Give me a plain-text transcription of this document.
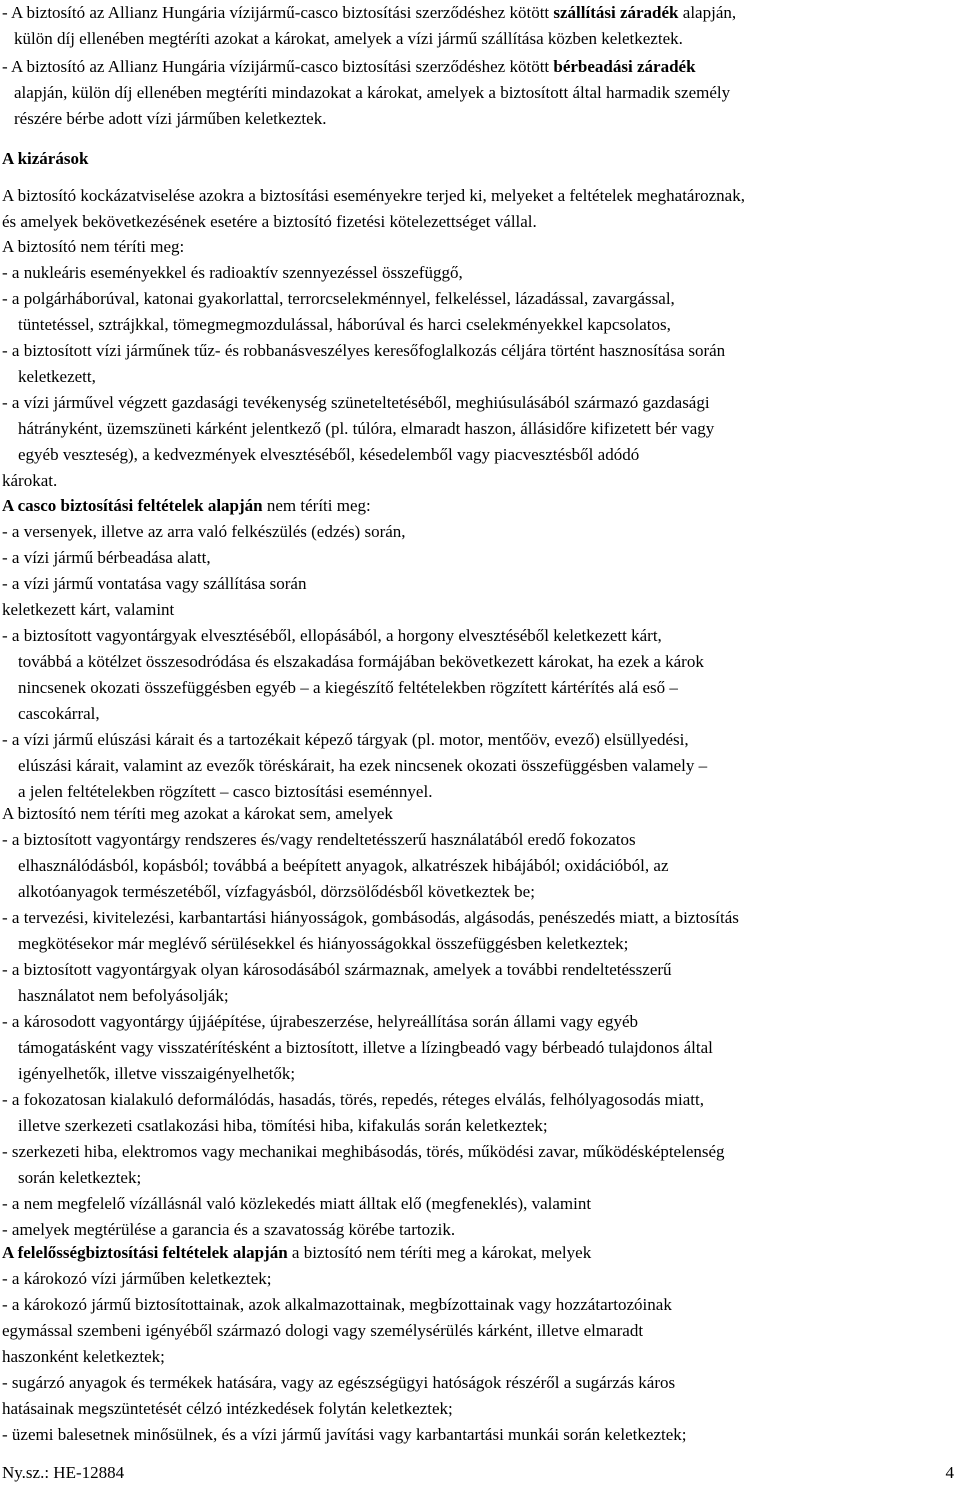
- A biztosító az Allianz Hungária vízijármű-casco biztosítási szerződéshez kötött szállítási záradék alapján,
külön díj ellenében megtéríti azokat a károkat, amelyek a vízi jármű szállítása közben keletkeztek.
- A biztosító az Allianz Hungária vízijármű-casco biztosítási szerződéshez kötött bérbeadási záradék
alapján, külön díj ellenében megtéríti mindazokat a károkat, amelyek a biztosított által harmadik személy
részére bérbe adott vízi járműben keletkeztek.
A kizárások
A biztosító kockázatviselése azokra a biztosítási eseményekre terjed ki, melyeket a feltételek meghatároznak,
és amelyek bekövetkezésének esetére a biztosító fizetési kötelezettséget vállal.
A biztosító nem téríti meg:
- a nukleáris eseményekkel és radioaktív szennyezéssel összefüggő,
- a polgárháborúval, katonai gyakorlattal, terrorcselekménnyel, felkeléssel, lázadással, zavargással,
tüntetéssel, sztrájkkal, tömegmegmozdulással, háborúval és harci cselekményekkel kapcsolatos,
- a biztosított vízi járműnek tűz- és robbanásveszélyes keresőfoglalkozás céljára történt hasznosítása során
keletkezett,
- a vízi járművel végzett gazdasági tevékenység szüneteltetéséből, meghiúsulásából származó gazdasági
hátrányként, üzemszüneti kárként jelentkező (pl. túlóra, elmaradt haszon, állásidőre kifizetett bér vagy
egyéb veszteség), a kedvezmények elvesztéséből, késedelemből vagy piacvesztésből adódó
károkat.
A casco biztosítási feltételek alapján nem téríti meg:
- a versenyek, illetve az arra való felkészülés (edzés) során,
- a vízi jármű bérbeadása alatt,
- a vízi jármű vontatása vagy szállítása során
keletkezett kárt, valamint
- a biztosított vagyontárgyak elvesztéséből, ellopásából, a horgony elvesztéséből keletkezett kárt,
továbbá a kötélzet összesodródása és elszakadása formájában bekövetkezett károkat, ha ezek a károk
nincsenek okozati összefüggésben egyéb – a kiegészítő feltételekben rögzített kártérítés alá eső –
cascokárral,
- a vízi jármű elúszási kárait és a tartozékait képező tárgyak (pl. motor, mentőöv, evező) elsüllyedési,
elúszási kárait, valamint az evezők töréskárait, ha ezek nincsenek okozati összefüggésben valamely –
a jelen feltételekben rögzített – casco biztosítási eseménnyel.
A biztosító nem téríti meg azokat a károkat sem, amelyek
- a biztosított vagyontárgy rendszeres és/vagy rendeltetésszerű használatából eredő fokozatos
elhasználódásból, kopásból; továbbá a beépített anyagok, alkatrészek hibájából; oxidációból, az
alkotóanyagok természetéből, vízfagyásból, dörzsölődésből következtek be;
- a tervezési, kivitelezési, karbantartási hiányosságok, gombásodás, algásodás, penészedés miatt, a biztosítás
megkötésekor már meglévő sérülésekkel és hiányosságokkal összefüggésben keletkeztek;
- a biztosított vagyontárgyak olyan károsodásából származnak, amelyek a további rendeltetésszerű
használatot nem befolyásolják;
- a károsodott vagyontárgy újjáépítése, újrabeszerzése, helyreállítása során állami vagy egyéb
támogatásként vagy visszatérítésként a biztosított, illetve a lízingbeadó vagy bérbeadó tulajdonos által
igényelhetők, illetve visszaigényelhetők;
- a fokozatosan kialakuló deformálódás, hasadás, törés, repedés, réteges elválás, felhólyagosodás miatt,
illetve szerkezeti csatlakozási hiba, tömítési hiba, kifakulás során keletkeztek;
- szerkezeti hiba, elektromos vagy mechanikai meghibásodás, törés, működési zavar, működésképtelenség
során keletkeztek;
- a nem megfelelő vízállásnál való közlekedés miatt álltak elő (megfeneklés), valamint
- amelyek megtérülése a garancia és a szavatosság körébe tartozik.
A felelősségbiztosítási feltételek alapján a biztosító nem téríti meg a károkat, melyek
- a károkozó vízi járműben keletkeztek;
- a károkozó jármű biztosítottainak, azok alkalmazottainak, megbízottainak vagy hozzátartozóinak
egymással szembeni igényéből származó dologi vagy személysérülés kárként, illetve elmaradt
haszonként keletkeztek;
- sugárzó anyagok és termékek hatására, vagy az egészségügyi hatóságok részéről a sugárzás káros
hatásainak megszüntetését célzó intézkedések folytán keletkeztek;
- üzemi balesetnek minősülnek, és a vízi jármű javítási vagy karbantartási munkái során keletkeztek;
Ny.sz.: HE-12884	4
